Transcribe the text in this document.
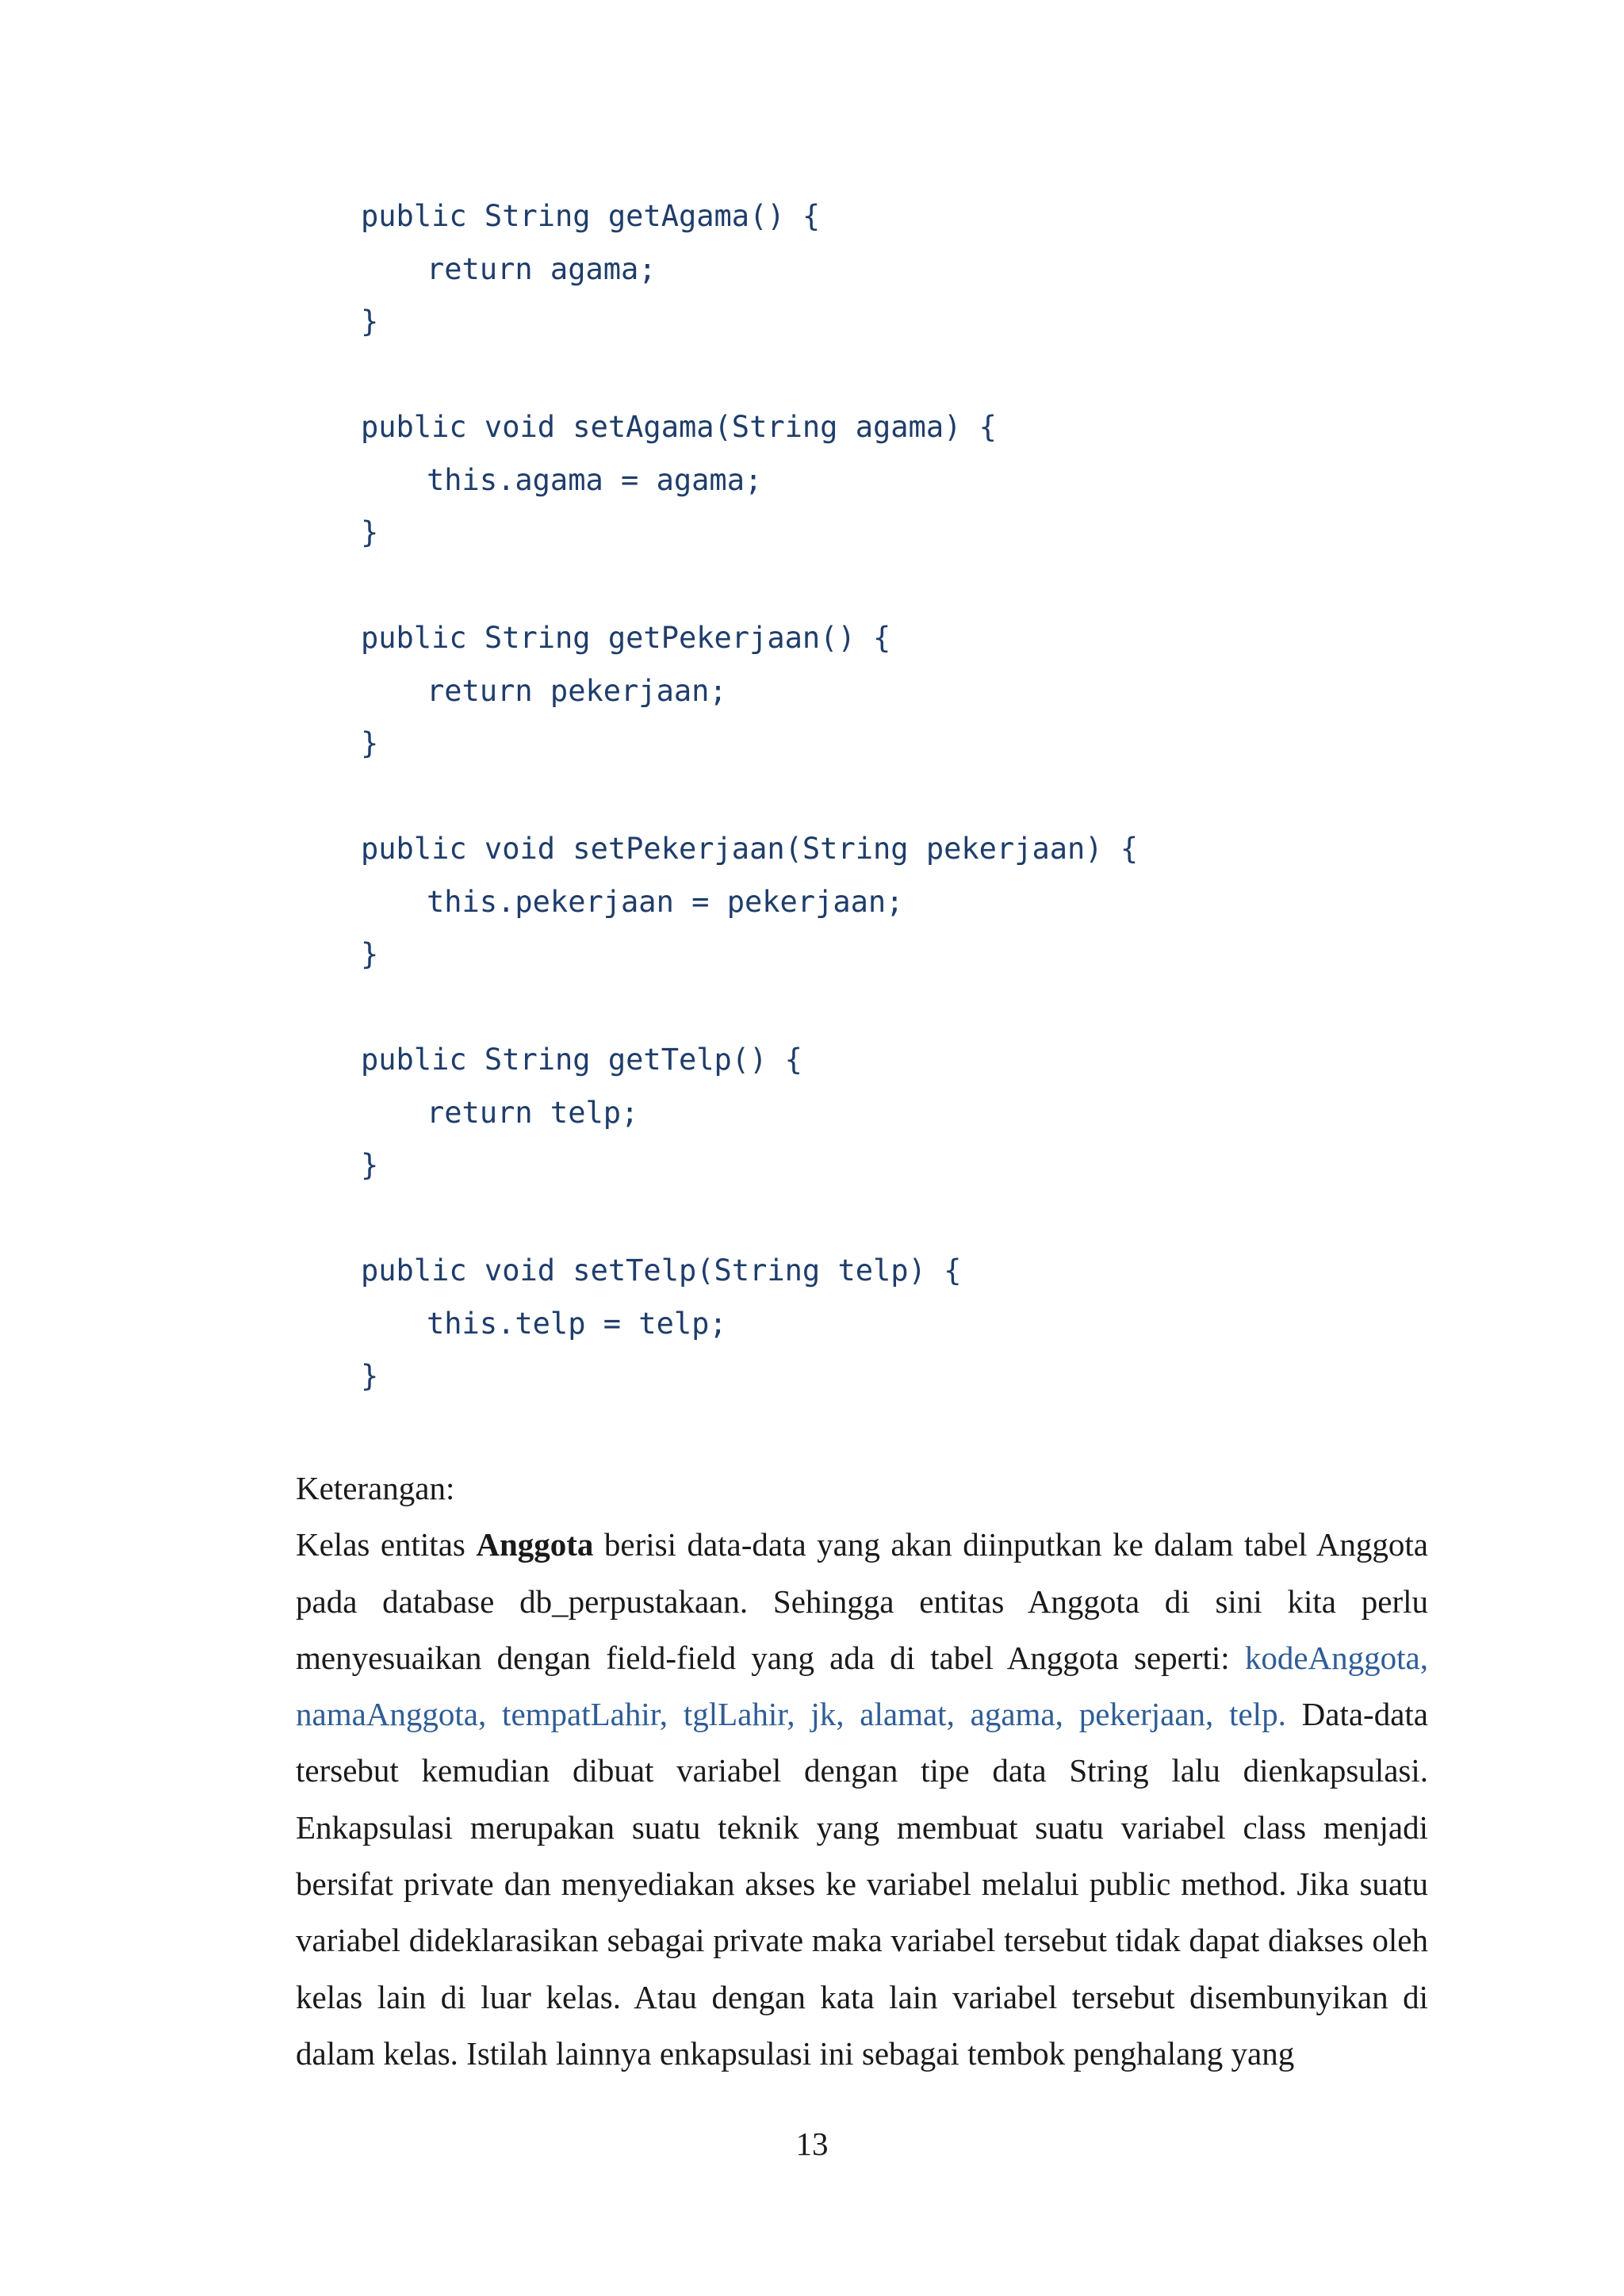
public String getAgama() {
return agama;
}
public void setAgama(String agama) {
this.agama = agama;
}
public String getPekerjaan() {
return pekerjaan;
}
public void setPekerjaan(String pekerjaan) {
this.pekerjaan = pekerjaan;
}
public String getTelp() {
return telp;
}
public void setTelp(String telp) {
this.telp = telp;
}
Keterangan:
Kelas entitas Anggota berisi data-data yang akan diinputkan ke dalam tabel Anggota pada database db_perpustakaan. Sehingga entitas Anggota di sini kita perlu menyesuaikan dengan field-field yang ada di tabel Anggota seperti: kodeAnggota, namaAnggota, tempatLahir, tglLahir, jk, alamat, agama, pekerjaan, telp. Data-data tersebut kemudian dibuat variabel dengan tipe data String lalu dienkapsulasi. Enkapsulasi merupakan suatu teknik yang membuat suatu variabel class menjadi bersifat private dan menyediakan akses ke variabel melalui public method. Jika suatu variabel dideklarasikan sebagai private maka variabel tersebut tidak dapat diakses oleh kelas lain di luar kelas. Atau dengan kata lain variabel tersebut disembunyikan di dalam kelas. Istilah lainnya enkapsulasi ini sebagai tembok penghalang yang
13
